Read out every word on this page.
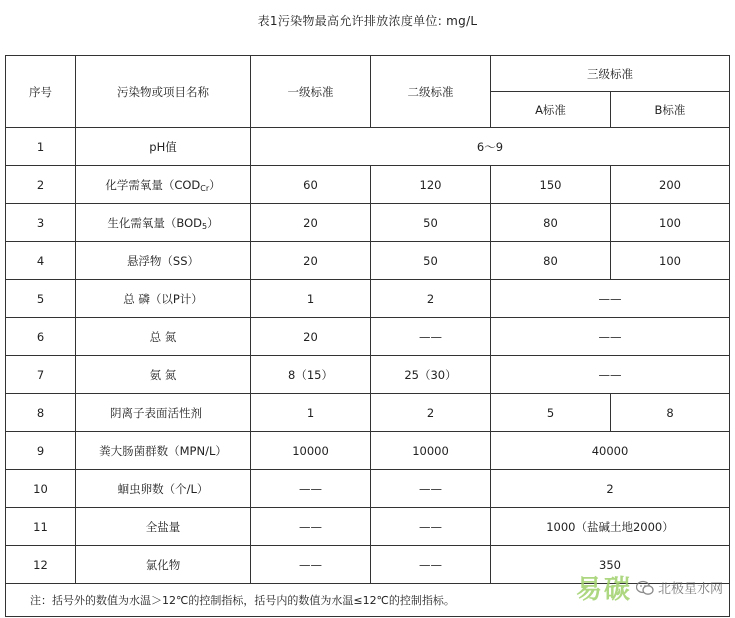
表1污染物最高允许排放浓度单位: mg/L
序号	污染物或项目名称	一级标准	二级标准	三级标准	
				A标准	B标准
1	pH值	6～9			
2	化学需氧量$(COD_{Cr})$	60	120	150	200
3	生化需氧量$(BOD_5)$	20	50	80	100
4	悬浮物（SS）	20	50	80	100
5	总 磷（以P计）	1	2	——	
6	总 氮	20	——	——	
7	氨 氮	8（15）	25（30）	——	
8	阴离子表面活性剂	1	2	5	8
9	粪大肠菌群数（MPN/L）	10000	10000	40000	
10	蛔虫卵数（个/L）	——	——	2	
11	全盐量	——	——	1000（盐碱土地2000）	
12	氯化物	——	——	350	
注：括号外的数值为水温＞12℃的控制指标，括号内的数值为水温≤12℃的控制指标。						易碳 北极星水网
